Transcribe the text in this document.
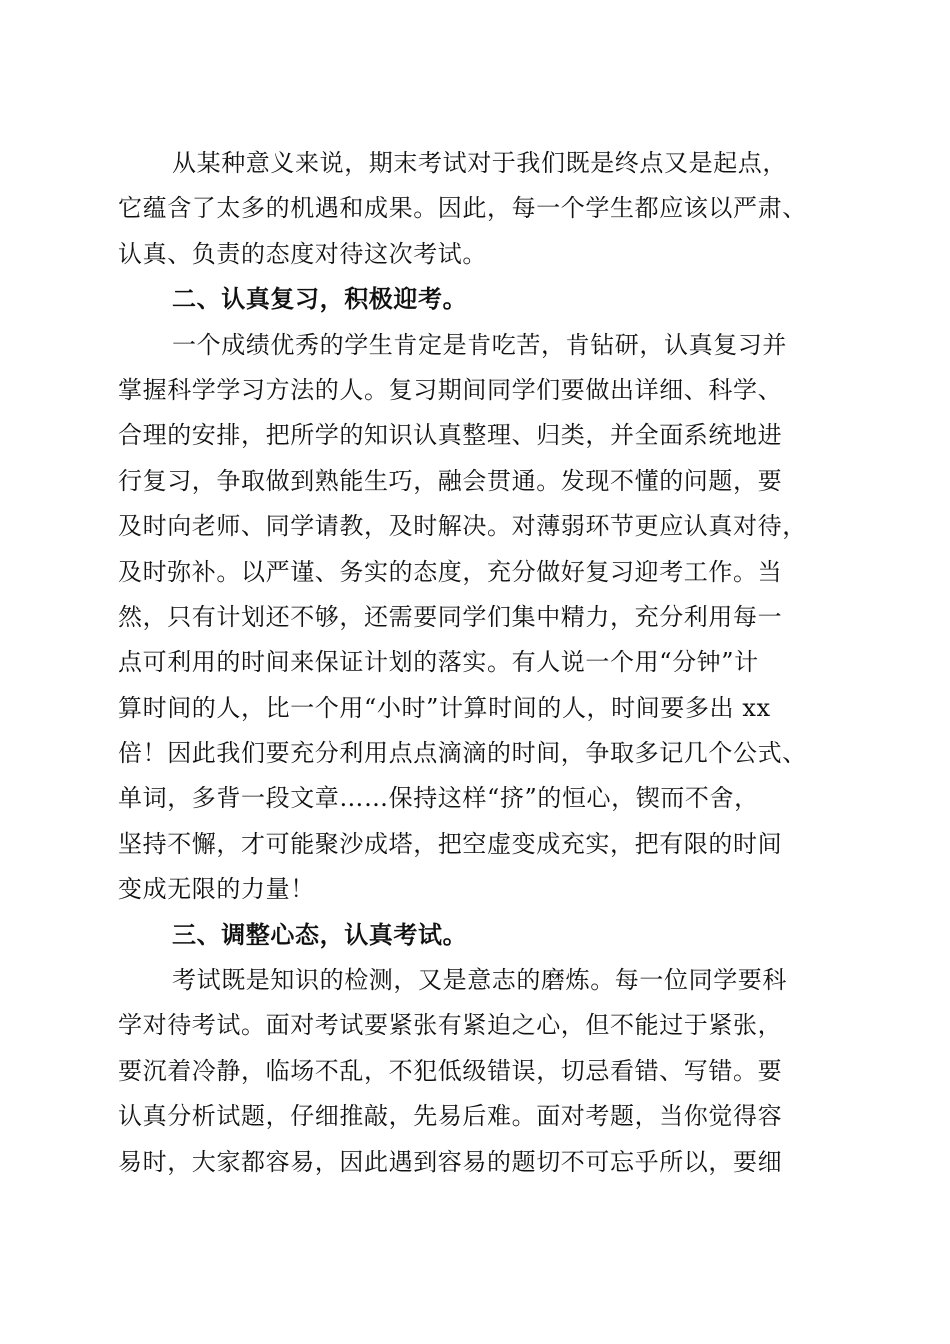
从某种意义来说，期末考试对于我们既是终点又是起点，
它蕴含了太多的机遇和成果。因此，每一个学生都应该以严肃、
认真、负责的态度对待这次考试。
二、认真复习，积极迎考。
一个成绩优秀的学生肯定是肯吃苦，肯钻研，认真复习并
掌握科学学习方法的人。复习期间同学们要做出详细、科学、
合理的安排，把所学的知识认真整理、归类，并全面系统地进
行复习，争取做到熟能生巧，融会贯通。发现不懂的问题，要
及时向老师、同学请教，及时解决。对薄弱环节更应认真对待，
及时弥补。以严谨、务实的态度，充分做好复习迎考工作。当
然，只有计划还不够，还需要同学们集中精力，充分利用每一
点可利用的时间来保证计划的落实。有人说一个用“分钟”计
算时间的人，比一个用“小时”计算时间的人，时间要多出 xx
倍！因此我们要充分利用点点滴滴的时间，争取多记几个公式、
单词，多背一段文章……保持这样“挤”的恒心，锲而不舍，
坚持不懈，才可能聚沙成塔，把空虚变成充实，把有限的时间
变成无限的力量！
三、调整心态，认真考试。
考试既是知识的检测，又是意志的磨炼。每一位同学要科
学对待考试。面对考试要紧张有紧迫之心，但不能过于紧张，
要沉着冷静，临场不乱，不犯低级错误，切忌看错、写错。要
认真分析试题，仔细推敲，先易后难。面对考题，当你觉得容
易时，大家都容易，因此遇到容易的题切不可忘乎所以，要细
